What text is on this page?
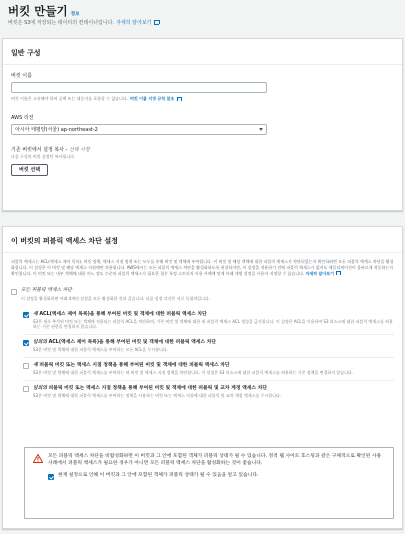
버킷 만들기 정보
버킷은 S3에 저장되는 데이터의 컨테이너입니다. 자세히 알아보기
일반 구성
버킷 이름
버킷 이름은 고유해야 하며 공백 또는 대문자를 포함할 수 없습니다. 버킷 이름 지정 규칙 참조
AWS 리전
아시아 태평양(서울) ap-northeast-2
기존 버킷에서 설정 복사 - 선택 사항
다음 구성의 버킷 설정만 복사됩니다.
버킷 선택
이 버킷의 퍼블릭 액세스 차단 설정
퍼블릭 액세스는 ACL(액세스 제어 목록), 버킷 정책, 액세스 지점 정책 또는 모두를 통해 버킷 및 객체에 부여됩니다. 이 버킷 및 해당 객체에 대한 퍼블릭 액세스가 차단되었는지 확인하려면 모든 퍼블릭 액세스 차단을 활성화합니다. 이 설정은 이 버킷 및 해당 액세스 지점에만 적용됩니다. AWS에서는 모든 퍼블릭 액세스 차단을 활성화하도록 권장하지만, 이 설정을 적용하기 전에 퍼블릭 액세스가 없어도 애플리케이션이 올바르게 작동하는지 확인합니다. 이 버킷 또는 내부 객체에 대한 어느 정도 수준의 퍼블릭 액세스가 필요한 경우 특정 스토리지 사용 사례에 맞게 아래 개별 설정을 사용자 지정할 수 있습니다. 자세히 알아보기
모든 퍼블릭 액세스 차단
이 설정을 활성화하면 아래 4개의 설정을 모두 활성화한 것과 같습니다. 다음 설정 각각은 서로 독립적입니다.
새 ACL(액세스 제어 목록)을 통해 부여된 버킷 및 객체에 대한 퍼블릭 액세스 차단
S3은 새로 추가된 버킷 또는 객체에 적용되는 퍼블릭 ACL을 차단하며, 기존 버킷 및 객체에 대한 새 퍼블릭 액세스 ACL 생성을 금지합니다. 이 설정은 ACL을 사용하여 S3 리소스에 대한 퍼블릭 액세스를 허용하는 기존 권한을 변경하지 않습니다.
임의의 ACL(액세스 제어 목록)을 통해 부여된 버킷 및 객체에 대한 퍼블릭 액세스 차단
S3은 버킷 및 객체에 대한 퍼블릭 액세스를 부여하는 모든 ACL을 무시합니다.
새 퍼블릭 버킷 또는 액세스 지점 정책을 통해 부여된 버킷 및 객체에 대한 퍼블릭 액세스 차단
S3은 버킷 및 객체에 대한 퍼블릭 액세스를 부여하는 새 버킷 및 액세스 지점 정책을 차단합니다. 이 설정은 S3 리소스에 대한 퍼블릭 액세스를 허용하는 기존 정책을 변경하지 않습니다.
임의의 퍼블릭 버킷 또는 액세스 지점 정책을 통해 부여된 버킷 및 객체에 대한 퍼블릭 및 교차 계정 액세스 차단
S3은 버킷 및 객체에 대한 퍼블릭 액세스를 부여하는 정책을 사용하는 버킷 또는 액세스 지점에 대한 퍼블릭 및 교차 계정 액세스를 무시합니다.
모든 퍼블릭 액세스 차단을 비활성화하면 이 버킷과 그 안에 포함된 객체가 퍼블릭 상태가 될 수 있습니다. 정적 웹 사이트 호스팅과 같은 구체적으로 확인된 사용 사례에서 퍼블릭 액세스가 필요한 경우가 아니면 모든 퍼블릭 액세스 차단을 활성화하는 것이 좋습니다.
현재 설정으로 인해 이 버킷과 그 안에 포함된 객체가 퍼블릭 상태가 될 수 있음을 알고 있습니다.
